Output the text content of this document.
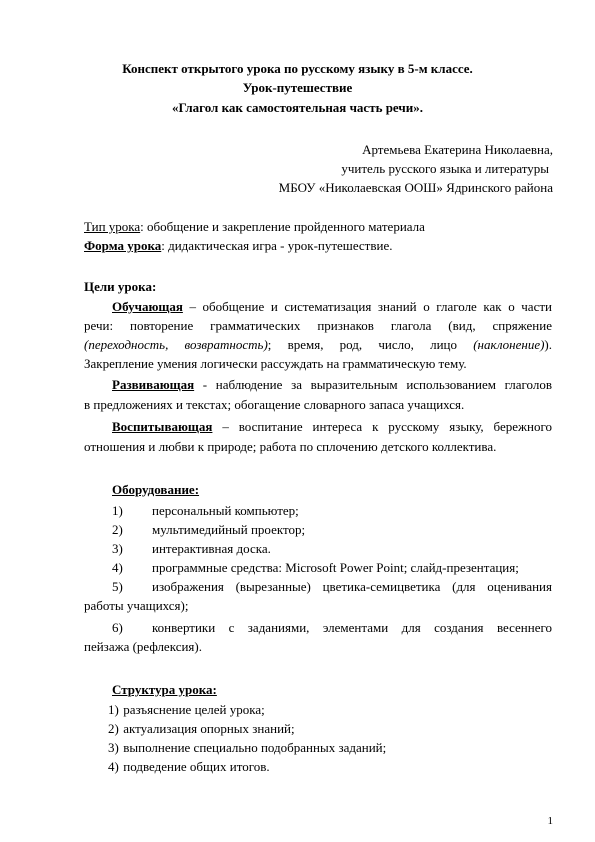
Конспект открытого урока по русскому языку в 5-м классе.
Урок-путешествие
«Глагол как самостоятельная часть речи».
Артемьева Екатерина Николаевна,
учитель русского языка и литературы
МБОУ «Николаевская ООШ» Ядринского района
Тип урока: обобщение и закрепление пройденного материала
Форма урока: дидактическая игра - урок-путешествие.
Цели урока:
Обучающая – обобщение и систематизация знаний о глаголе как о части
речи: повторение грамматических признаков глагола (вид, спряжение
(переходность, возвратность); время, род, число, лицо (наклонение)).
Закрепление умения логически рассуждать на грамматическую тему.
Развивающая - наблюдение за выразительным использованием глаголов
в предложениях и текстах; обогащение словарного запаса учащихся.
Воспитывающая – воспитание интереса к русскому языку, бережного
отношения и любви к природе; работа по сплочению детского коллектива.
Оборудование:
1) персональный компьютер;
2) мультимедийный проектор;
3) интерактивная доска.
4) программные средства: Microsoft Power Point; слайд-презентация;
5) изображения (вырезанные) цветика-семицветика (для оценивания
работы учащихся);
6) конвертики с заданиями, элементами для создания весеннего
пейзажа (рефлексия).
Структура урока:
1) разъяснение целей урока;
2) актуализация опорных знаний;
3) выполнение специально подобранных заданий;
4) подведение общих итогов.
1
